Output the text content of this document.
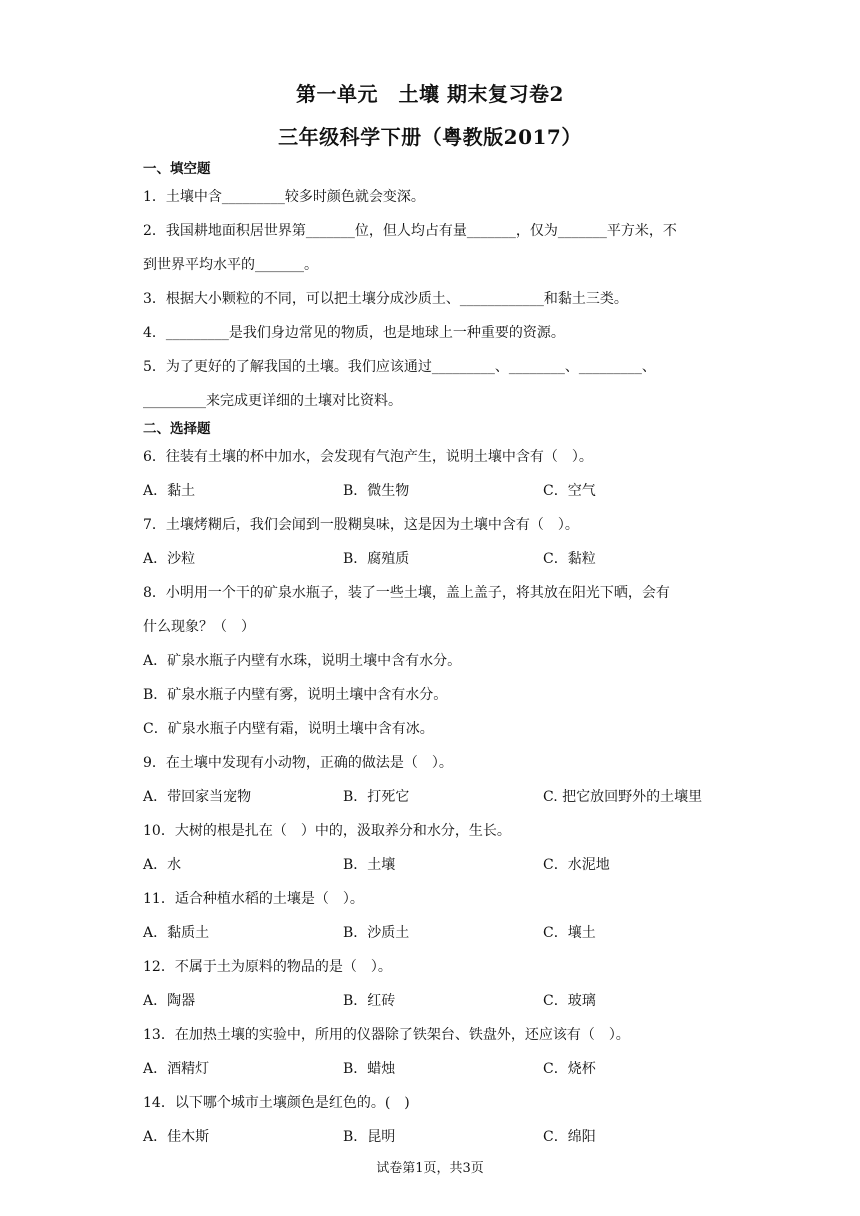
第一单元　土壤 期末复习卷2
三年级科学下册（粤教版2017）
一、填空题
1．土壤中含_________较多时颜色就会变深。
2．我国耕地面积居世界第_______位，但人均占有量_______，仅为_______平方米，不
到世界平均水平的_______。
3．根据大小颗粒的不同，可以把土壤分成沙质土、____________和黏土三类。
4．_________是我们身边常见的物质，也是地球上一种重要的资源。
5．为了更好的了解我国的土壤。我们应该通过_________、________、_________、
_________来完成更详细的土壤对比资料。
二、选择题
6．往装有土壤的杯中加水，会发现有气泡产生，说明土壤中含有（　）。
A．黏土	B．微生物	C．空气
7．土壤烤糊后，我们会闻到一股糊臭味，这是因为土壤中含有（　）。
A．沙粒	B．腐殖质	C．黏粒
8．小明用一个干的矿泉水瓶子，装了一些土壤，盖上盖子，将其放在阳光下晒，会有
什么现象？（　）
A．矿泉水瓶子内壁有水珠，说明土壤中含有水分。
B．矿泉水瓶子内壁有雾，说明土壤中含有水分。
C．矿泉水瓶子内壁有霜，说明土壤中含有冰。
9．在土壤中发现有小动物，正确的做法是（　）。
A．带回家当宠物	B．打死它	C. 把它放回野外的土壤里
10．大树的根是扎在（　）中的，汲取养分和水分，生长。
A．水	B．土壤	C．水泥地
11．适合种植水稻的土壤是（　）。
A．黏质土	B．沙质土	C．壤土
12．不属于土为原料的物品的是（　）。
A．陶器	B．红砖	C．玻璃
13．在加热土壤的实验中，所用的仪器除了铁架台、铁盘外，还应该有（　）。
A．酒精灯	B．蜡烛	C．烧杯
14．以下哪个城市土壤颜色是红色的。(　)
A．佳木斯	B．昆明	C．绵阳
试卷第1页，共3页
